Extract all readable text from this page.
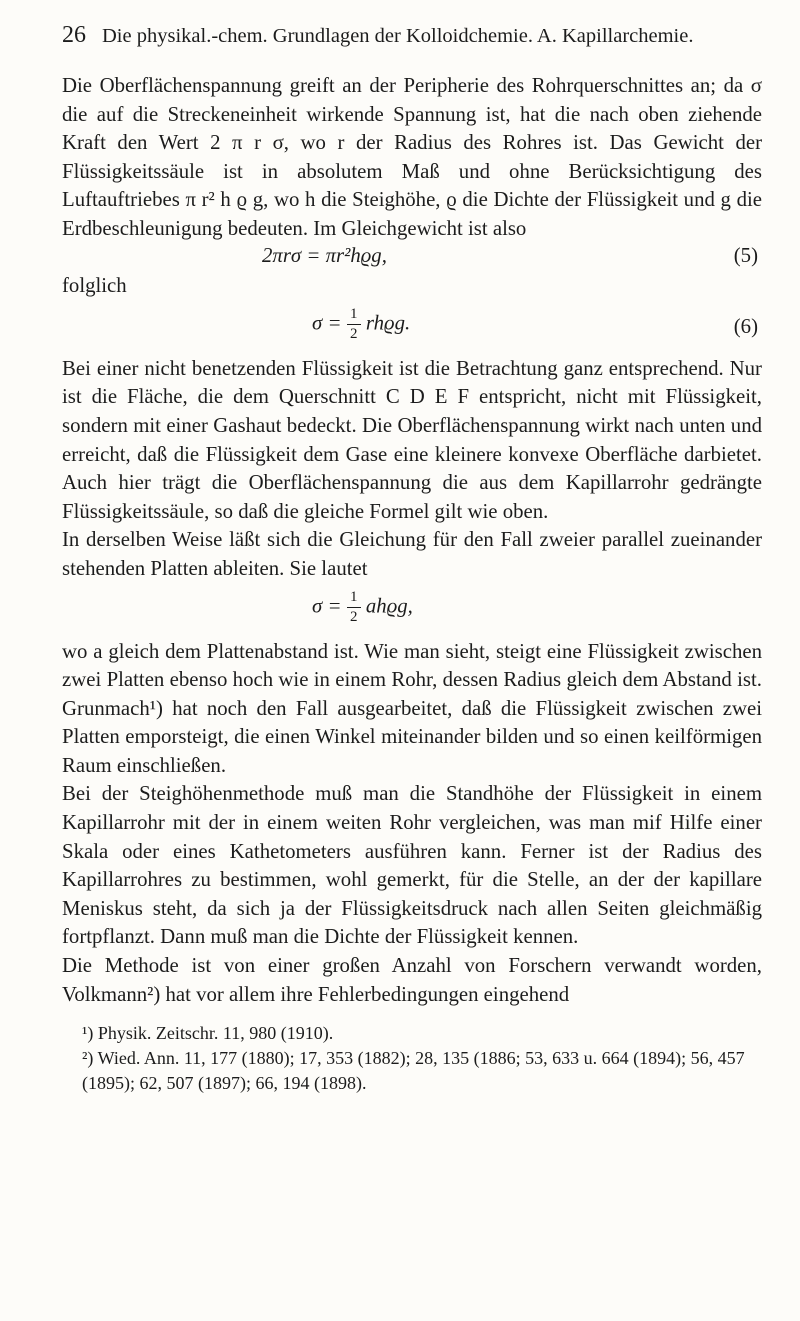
26 Die physikal.-chem. Grundlagen der Kolloidchemie. A. Kapillarchemie.

Die Oberflächenspannung greift an der Peripherie des Rohrquerschnittes an; da σ die auf die Streckeneinheit wirkende Spannung ist, hat die nach oben ziehende Kraft den Wert 2 π r σ, wo r der Radius des Rohres ist. Das Gewicht der Flüssigkeitssäule ist in absolutem Maß und ohne Berücksichtigung des Luftauftriebes π r² h ϱ g, wo h die Steighöhe, ϱ die Dichte der Flüssigkeit und g die Erdbeschleunigung bedeuten. Im Gleichgewicht ist also

2πrσ = πr²hϱg,	(5)

folglich

$\sigma = \frac{1}{2} rhϱg$.	(6)

Bei einer nicht benetzenden Flüssigkeit ist die Betrachtung ganz entsprechend. Nur ist die Fläche, die dem Querschnitt C D E F entspricht, nicht mit Flüssigkeit, sondern mit einer Gashaut bedeckt. Die Oberflächenspannung wirkt nach unten und erreicht, daß die Flüssigkeit dem Gase eine kleinere konvexe Oberfläche darbietet. Auch hier trägt die Oberflächenspannung die aus dem Kapillarrohr gedrängte Flüssigkeitssäule, so daß die gleiche Formel gilt wie oben.

In derselben Weise läßt sich die Gleichung für den Fall zweier parallel zueinander stehenden Platten ableiten. Sie lautet

$\sigma = \frac{1}{2} ahϱg$,

wo a gleich dem Plattenabstand ist. Wie man sieht, steigt eine Flüssigkeit zwischen zwei Platten ebenso hoch wie in einem Rohr, dessen Radius gleich dem Abstand ist. Grunmach¹) hat noch den Fall ausgearbeitet, daß die Flüssigkeit zwischen zwei Platten emporsteigt, die einen Winkel miteinander bilden und so einen keilförmigen Raum einschließen.

Bei der Steighöhenmethode muß man die Standhöhe der Flüssigkeit in einem Kapillarrohr mit der in einem weiten Rohr vergleichen, was man mif Hilfe einer Skala oder eines Kathetometers ausführen kann. Ferner ist der Radius des Kapillarrohres zu bestimmen, wohl gemerkt, für die Stelle, an der der kapillare Meniskus steht, da sich ja der Flüssigkeitsdruck nach allen Seiten gleichmäßig fortpflanzt. Dann muß man die Dichte der Flüssigkeit kennen.

Die Methode ist von einer großen Anzahl von Forschern verwandt worden, Volkmann²) hat vor allem ihre Fehlerbedingungen eingehend

¹) Physik. Zeitschr. 11, 980 (1910).

²) Wied. Ann. 11, 177 (1880); 17, 353 (1882); 28, 135 (1886; 53, 633 u. 664 (1894); 56, 457 (1895); 62, 507 (1897); 66, 194 (1898).
